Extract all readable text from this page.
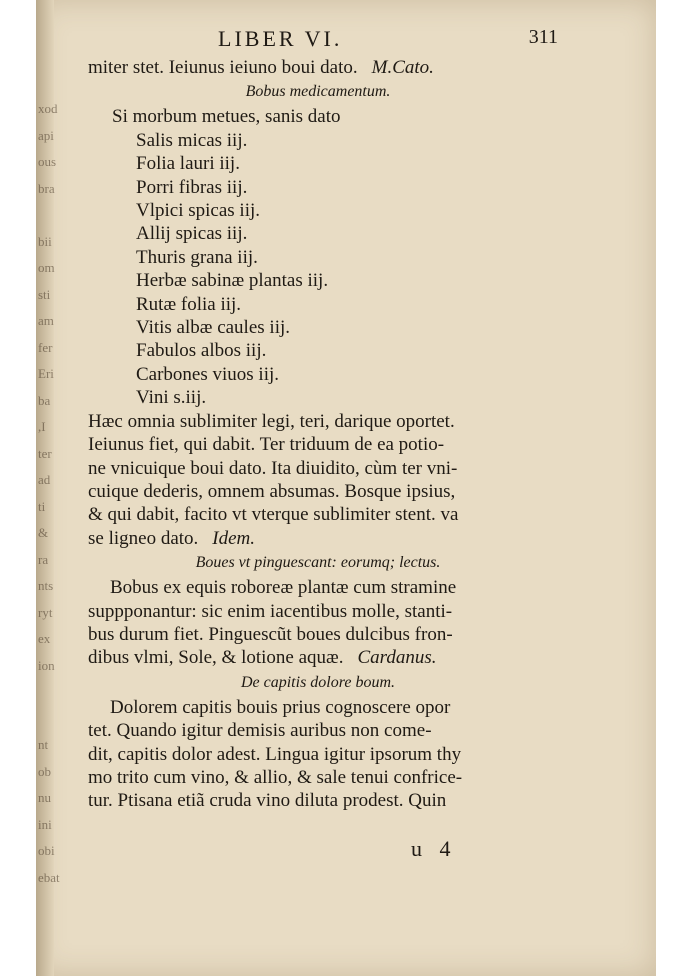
xod
api
ous
bra
bii
om
sti
am
fer
Eri
ba
,I
ter
ad
ti
&
ra
nts
ryt
ex
ion
nt
ob
nu
ini
obi
ebat
LIBER VI.	311
miter stet. Ieiunus ieiuno boui dato. M.Cato.
Bobus medicamentum.
Si morbum metues, sanis dato
Salis micas iij.
Folia lauri iij.
Porri fibras iij.
Vlpici spicas iij.
Allij spicas iij.
Thuris grana iij.
Herbæ sabinæ plantas iij.
Rutæ folia iij.
Vitis albæ caules iij.
Fabulos albos iij.
Carbones viuos iij.
Vini s.iij.
Hæc omnia sublimiter legi, teri, darique oportet.
Ieiunus fiet, qui dabit. Ter triduum de ea potio-
ne vnicuique boui dato. Ita diuidito, cùm ter vni-
cuique dederis, omnem absumas. Bosque ipsius,
& qui dabit, facito vt vterque sublimiter stent. va
se ligneo dato. Idem.
Boues vt pinguescant: eorumq; lectus.
Bobus ex equis roboreæ plantæ cum stramine
suppponantur: sic enim iacentibus molle, stanti-
bus durum fiet. Pinguescũt boues dulcibus fron-
dibus vlmi, Sole, & lotione aquæ. Cardanus.
De capitis dolore boum.
Dolorem capitis bouis prius cognoscere opor
tet. Quando igitur demisis auribus non come-
dit, capitis dolor adest. Lingua igitur ipsorum thy
mo trito cum vino, & allio, & sale tenui confricе-
tur. Ptisana etiã cruda vino diluta prodest. Quin
u 4
